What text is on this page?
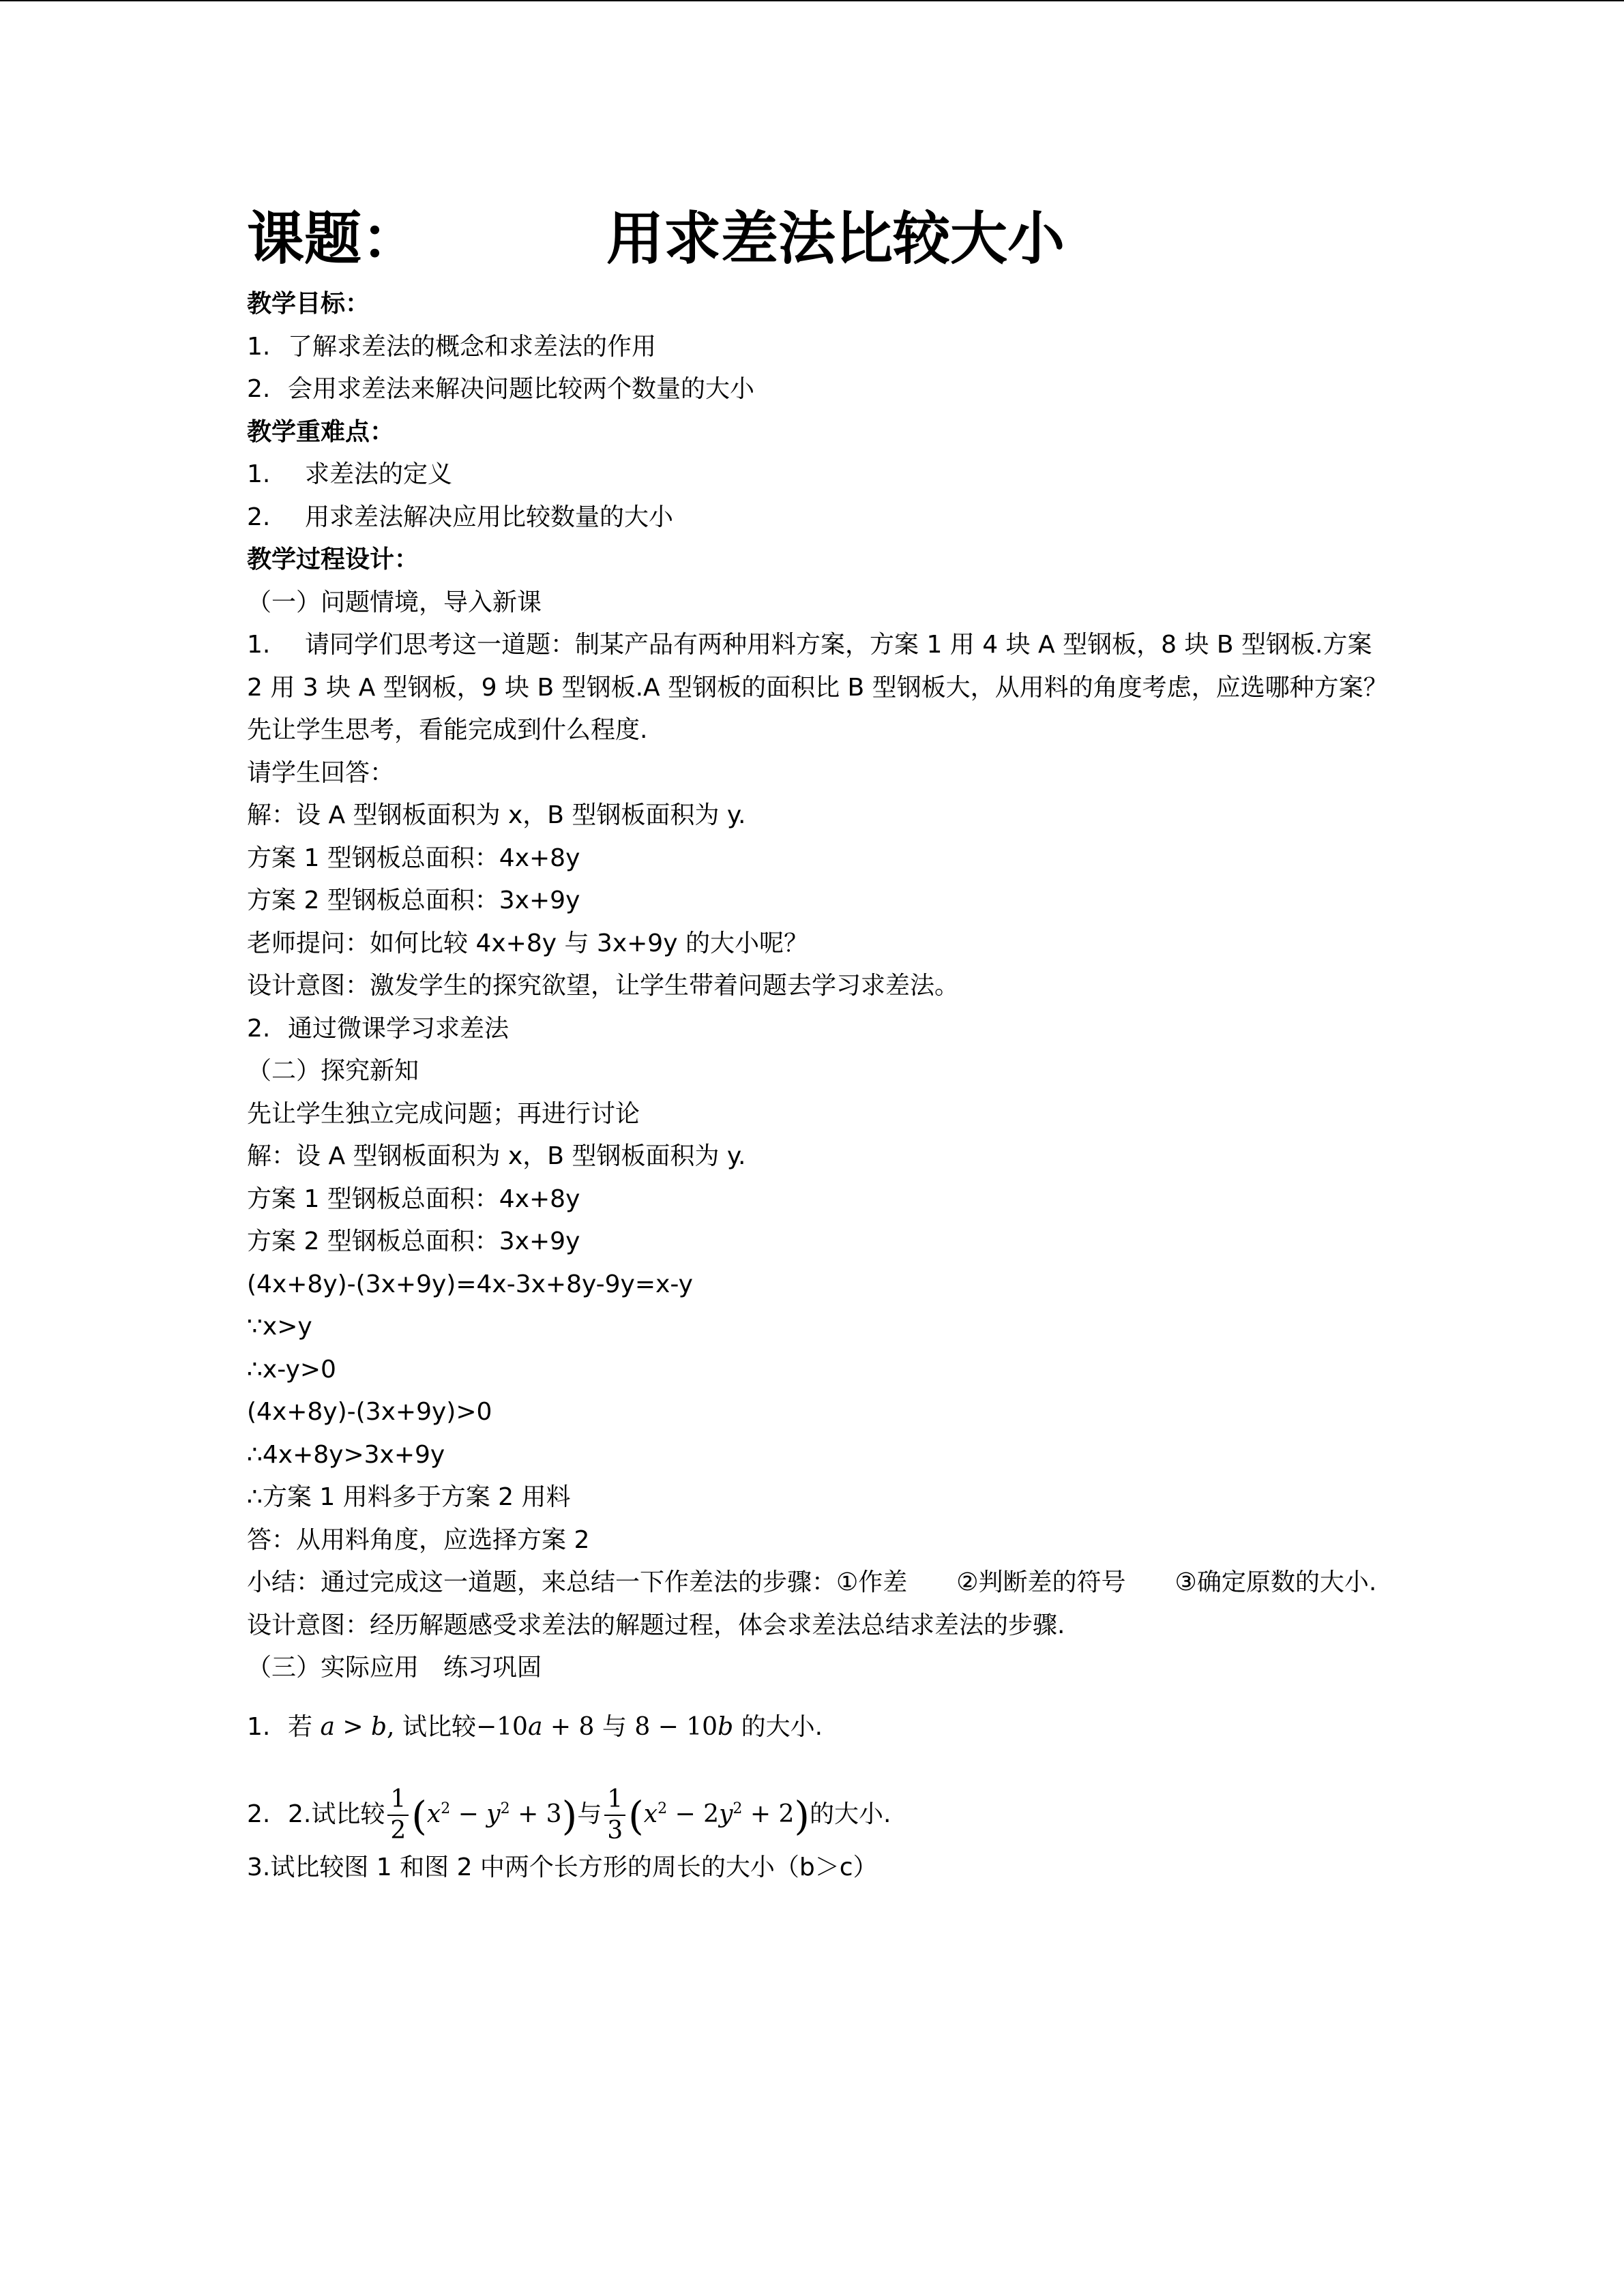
课题：	用求差法比较大小
教学目标：
1. 了解求差法的概念和求差法的作用
2. 会用求差法来解决问题比较两个数量的大小
教学重难点：
1. 求差法的定义
2. 用求差法解决应用比较数量的大小
教学过程设计：
（一）问题情境，导入新课
1. 请同学们思考这一道题：制某产品有两种用料方案，方案 1 用 4 块 A 型钢板，8 块 B 型钢板.方案 2 用 3 块 A 型钢板，9 块 B 型钢板.A 型钢板的面积比 B 型钢板大，从用料的角度考虑，应选哪种方案？
先让学生思考，看能完成到什么程度.
请学生回答：
解：设 A 型钢板面积为 x，B 型钢板面积为 y.
方案 1 型钢板总面积：4x+8y
方案 2 型钢板总面积：3x+9y
老师提问：如何比较 4x+8y 与 3x+9y 的大小呢？
设计意图：激发学生的探究欲望，让学生带着问题去学习求差法。
2. 通过微课学习求差法
（二）探究新知
先让学生独立完成问题；再进行讨论
解：设 A 型钢板面积为 x，B 型钢板面积为 y.
方案 1 型钢板总面积：4x+8y
方案 2 型钢板总面积：3x+9y
(4x+8y)-(3x+9y)=4x-3x+8y-9y=x-y
∵x>y
∴x-y>0
(4x+8y)-(3x+9y)>0
∴4x+8y>3x+9y
∴方案 1 用料多于方案 2 用料
答：从用料角度，应选择方案 2
小结：通过完成这一道题，来总结一下作差法的步骤：①作差　　②判断差的符号　　③确定原数的大小.
设计意图：经历解题感受求差法的解题过程，体会求差法总结求差法的步骤.
（三）实际应用　练习巩固
1. 若 a > b, 试比较−10a + 8 与 8 − 10b 的大小.
2. 2.试比较 $\frac{1}{2} (x^2 - y^2 + 3)$与 $\frac{1}{3} (x^2 - 2y^2 + 2)$的大小.
3.试比较图 1 和图 2 中两个长方形的周长的大小（b＞c）
